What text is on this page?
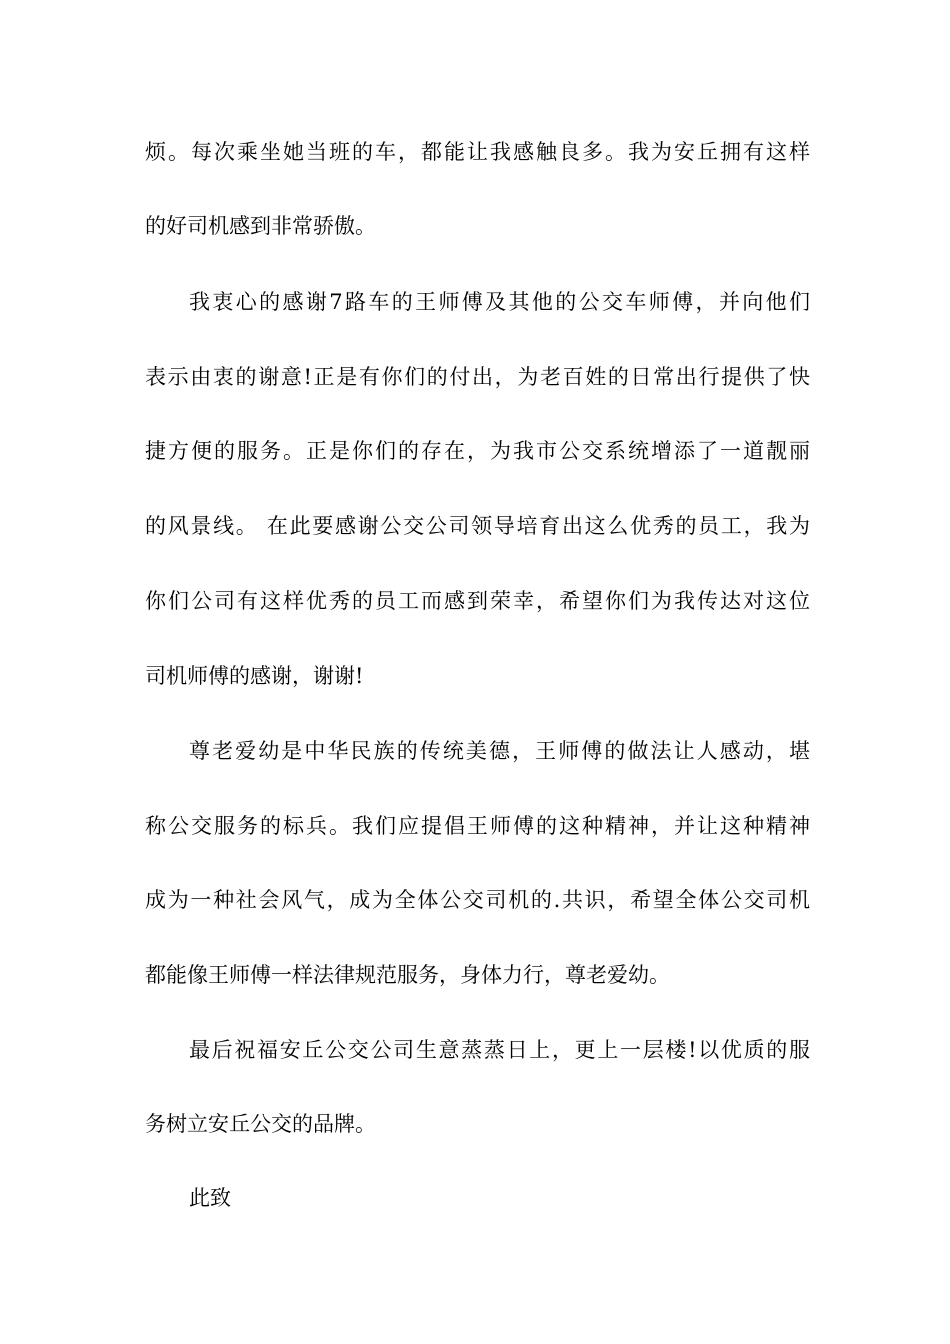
烦。每次乘坐她当班的车，都能让我感触良多。我为安丘拥有这样
的好司机感到非常骄傲。
我衷心的感谢7路车的王师傅及其他的公交车师傅，并向他们
表示由衷的谢意!正是有你们的付出，为老百姓的日常出行提供了快
捷方便的服务。正是你们的存在，为我市公交系统增添了一道靓丽
的风景线。 在此要感谢公交公司领导培育出这么优秀的员工，我为
你们公司有这样优秀的员工而感到荣幸，希望你们为我传达对这位
司机师傅的感谢，谢谢!
尊老爱幼是中华民族的传统美德，王师傅的做法让人感动，堪
称公交服务的标兵。我们应提倡王师傅的这种精神，并让这种精神
成为一种社会风气，成为全体公交司机的.共识，希望全体公交司机
都能像王师傅一样法律规范服务，身体力行，尊老爱幼。
最后祝福安丘公交公司生意蒸蒸日上，更上一层楼!以优质的服
务树立安丘公交的品牌。
此致
